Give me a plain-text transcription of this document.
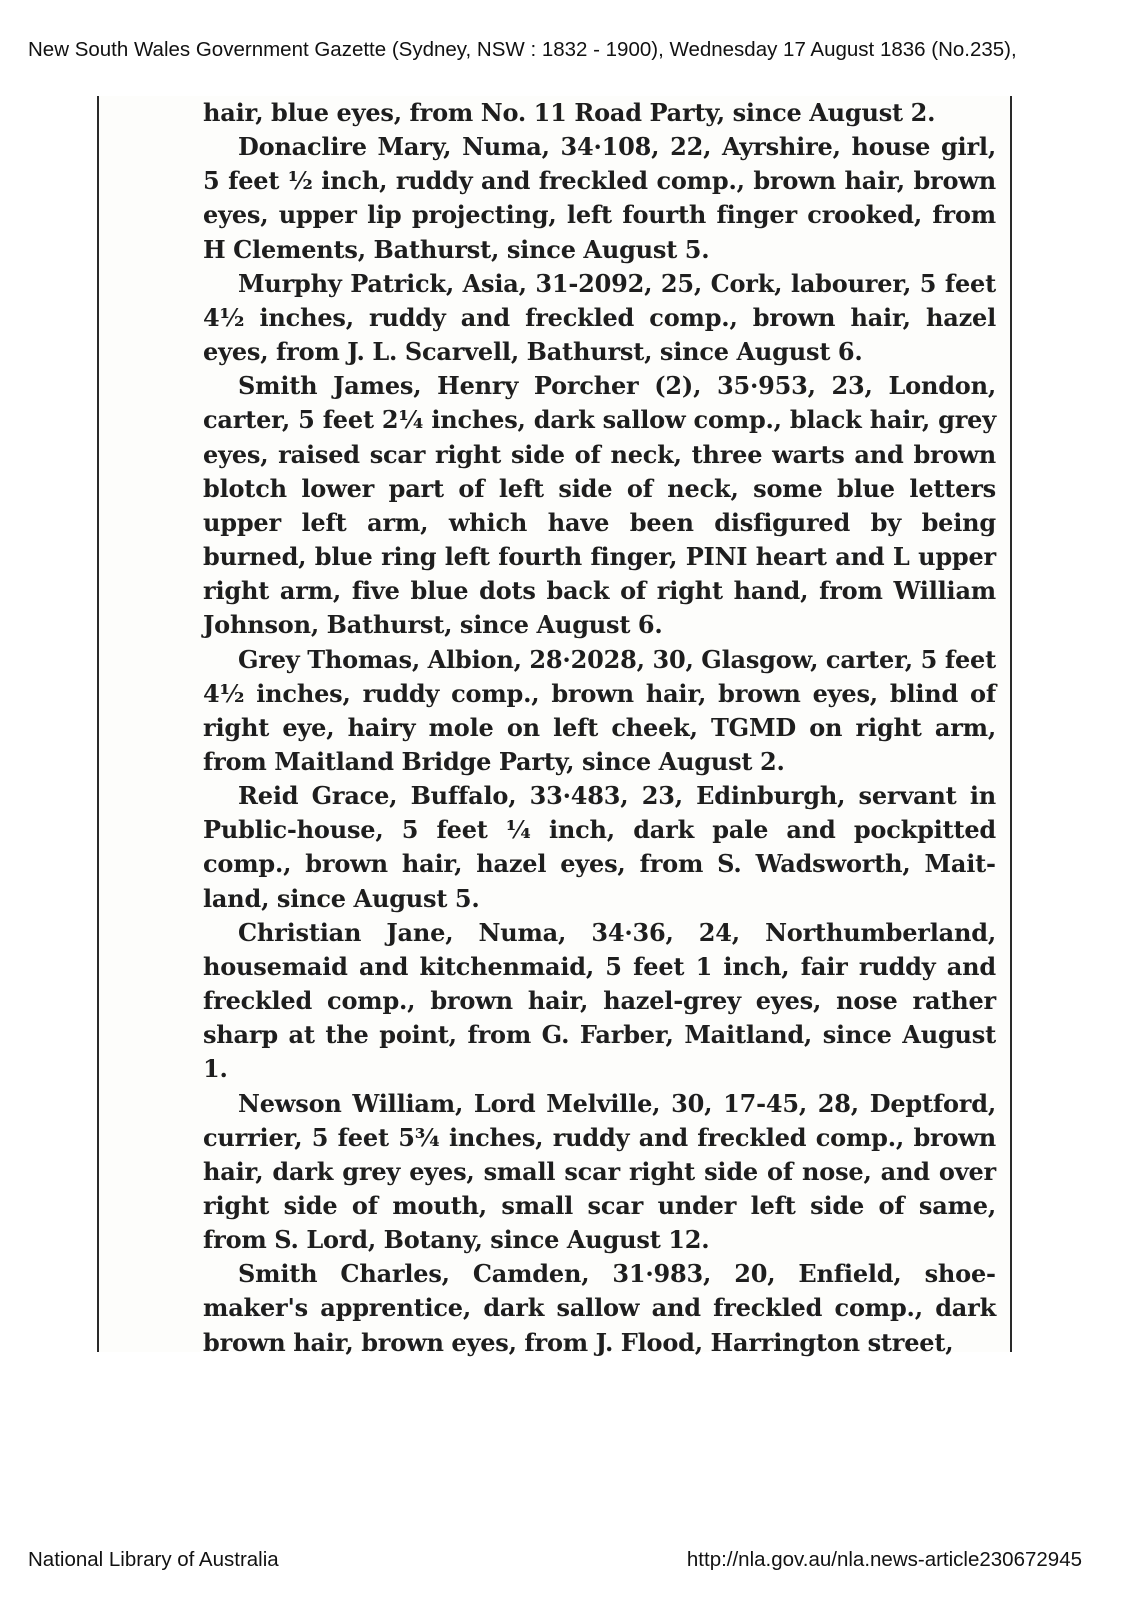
New South Wales Government Gazette (Sydney, NSW : 1832 - 1900), Wednesday 17 August 1836 (No.235),

hair, blue eyes, from No. 11 Road Party, since August 2.

Donaclire Mary, Numa, 34·108, 22, Ayrshire, house girl, 5 feet ½ inch, ruddy and freckled comp., brown hair, brown eyes, upper lip projecting, left fourth finger crooked, from H Clements, Bathurst, since August 5.

Murphy Patrick, Asia, 31-2092, 25, Cork, labourer, 5 feet 4½ inches, ruddy and freckled comp., brown hair, hazel eyes, from J. L. Scarvell, Bathurst, since August 6.

Smith James, Henry Porcher (2), 35·953, 23, London, carter, 5 feet 2¼ inches, dark sallow comp., black hair, grey eyes, raised scar right side of neck, three warts and brown blotch lower part of left side of neck, some blue letters upper left arm, which have been disfigured by being burned, blue ring left fourth finger, PINI heart and L upper right arm, five blue dots back of right hand, from William Johnson, Bathurst, since August 6.

Grey Thomas, Albion, 28·2028, 30, Glasgow, carter, 5 feet 4½ inches, ruddy comp., brown hair, brown eyes, blind of right eye, hairy mole on left cheek, TGMD on right arm, from Maitland Bridge Party, since August 2.

Reid Grace, Buffalo, 33·483, 23, Edinburgh, servant in Public-house, 5 feet ¼ inch, dark pale and pockpitted comp., brown hair, hazel eyes, from S. Wadsworth, Maitland, since August 5.

Christian Jane, Numa, 34·36, 24, Northumberland, housemaid and kitchenmaid, 5 feet 1 inch, fair ruddy and freckled comp., brown hair, hazel-grey eyes, nose rather sharp at the point, from G. Farber, Maitland, since August 1.

Newson William, Lord Melville, 30, 17-45, 28, Deptford, currier, 5 feet 5¾ inches, ruddy and freckled comp., brown hair, dark grey eyes, small scar right side of nose, and over right side of mouth, small scar under left side of same, from S. Lord, Botany, since August 12.

Smith Charles, Camden, 31·983, 20, Enfield, shoemaker's apprentice, dark sallow and freckled comp., dark brown hair, brown eyes, from J. Flood, Harrington street,

National Library of Australia	http://nla.gov.au/nla.news-article230672945
